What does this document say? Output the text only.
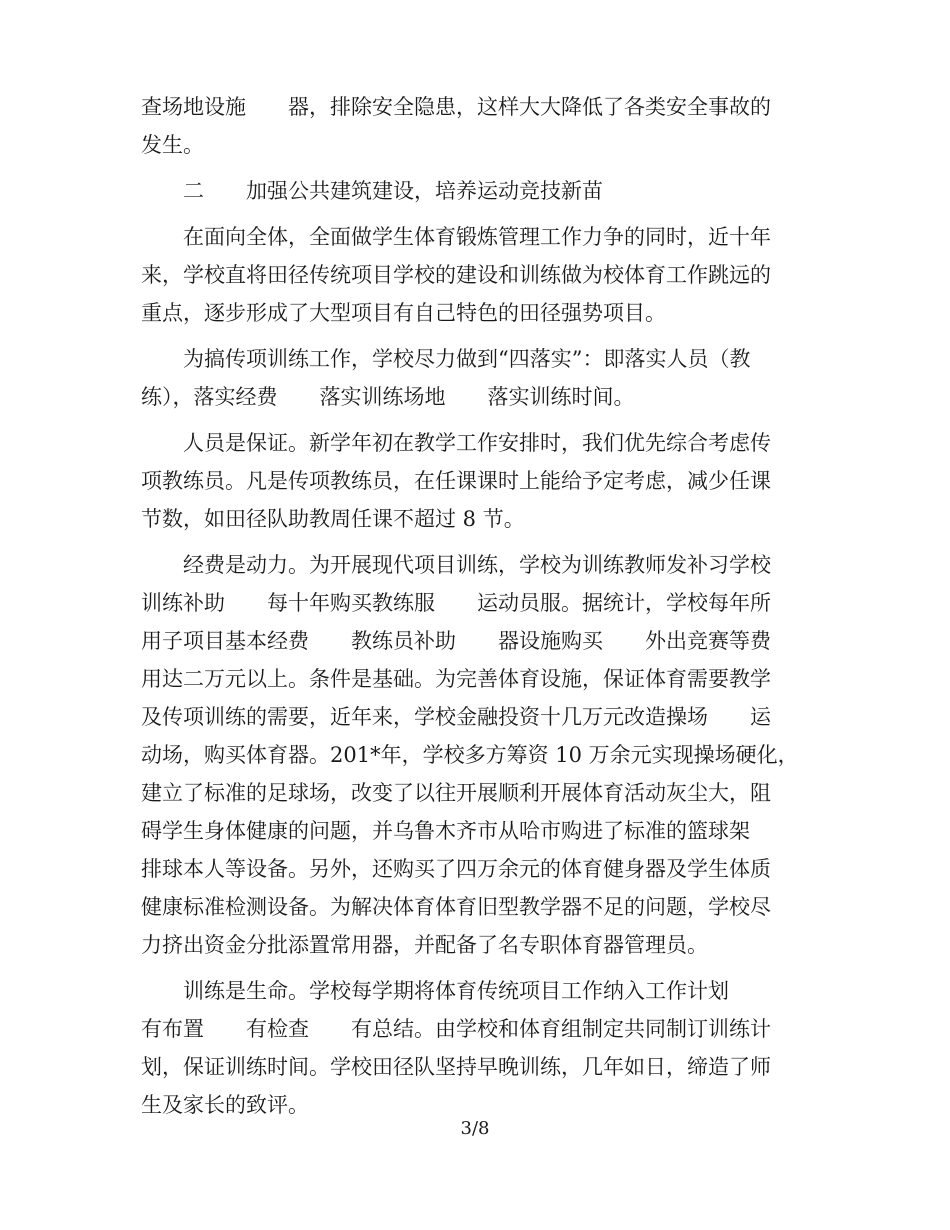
查场地设施　　器，排除安全隐患，这样大大降低了各类安全事故的
发生。
　　二　　加强公共建筑建设，培养运动竞技新苗
　　在面向全体，全面做学生体育锻炼管理工作力争的同时，近十年
来，学校直将田径传统项目学校的建设和训练做为校体育工作跳远的
重点，逐步形成了大型项目有自己特色的田径强势项目。
　　为搞传项训练工作，学校尽力做到“四落实”：即落实人员（教
练），落实经费　　落实训练场地　　落实训练时间。
　　人员是保证。新学年初在教学工作安排时，我们优先综合考虑传
项教练员。凡是传项教练员，在任课课时上能给予定考虑，减少任课
节数，如田径队助教周任课不超过 8 节。
　　经费是动力。为开展现代项目训练，学校为训练教师发补习学校
训练补助　　每十年购买教练服　　运动员服。据统计，学校每年所
用子项目基本经费　　教练员补助　　器设施购买　　外出竞赛等费
用达二万元以上。条件是基础。为完善体育设施，保证体育需要教学
及传项训练的需要，近年来，学校金融投资十几万元改造操场　　运
动场，购买体育器。201*年，学校多方筹资 10 万余元实现操场硬化，
建立了标准的足球场，改变了以往开展顺利开展体育活动灰尘大，阻
碍学生身体健康的问题，并乌鲁木齐市从哈市购进了标准的篮球架
排球本人等设备。另外，还购买了四万余元的体育健身器及学生体质
健康标准检测设备。为解决体育体育旧型教学器不足的问题，学校尽
力挤出资金分批添置常用器，并配备了名专职体育器管理员。
　　训练是生命。学校每学期将体育传统项目工作纳入工作计划
有布置　　有检查　　有总结。由学校和体育组制定共同制订训练计
划，保证训练时间。学校田径队坚持早晚训练，几年如日，缔造了师
生及家长的致评。
3/8
